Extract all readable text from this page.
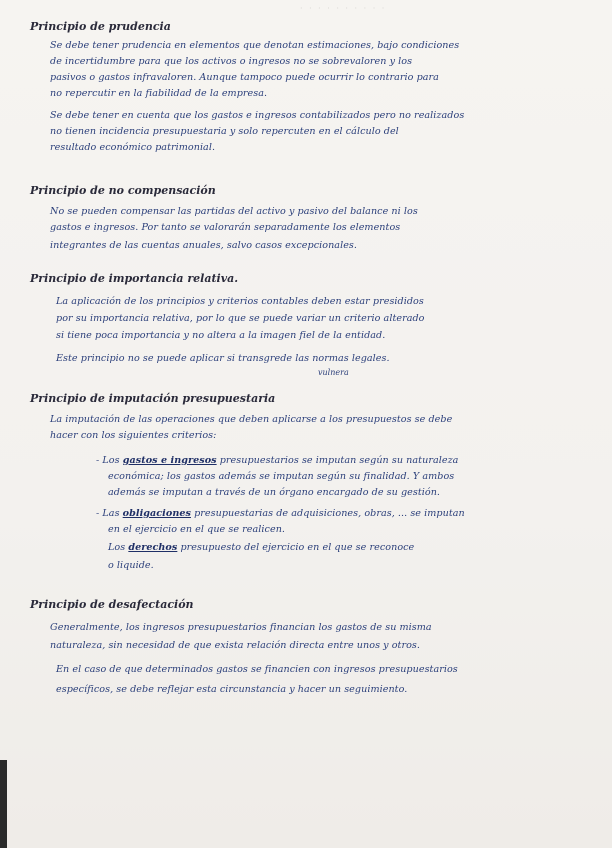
· · · · · · · · · ·
Principio de prudencia
Se debe tener prudencia en elementos que denotan estimaciones, bajo condiciones
de incertidumbre para que los activos o ingresos no se sobrevaloren y los
pasivos o gastos infravaloren. Aunque tampoco puede ocurrir lo contrario para
no repercutir en la fiabilidad de la empresa.
Se debe tener en cuenta que los gastos e ingresos contabilizados pero no realizados
no tienen incidencia presupuestaria y solo repercuten en el cálculo del
resultado económico patrimonial.
Principio de no compensación
No se pueden compensar las partidas del activo y pasivo del balance ni los
gastos e ingresos. Por tanto se valorarán separadamente los elementos
integrantes de las cuentas anuales, salvo casos excepcionales.
Principio de importancia relativa.
La aplicación de los principios y criterios contables deben estar presididos
por su importancia relativa, por lo que se puede variar un criterio alterado
si tiene poca importancia y no altera a la imagen fiel de la entidad.
Este principio no se puede aplicar si transgrede las normas legales.
vulnera
Principio de imputación presupuestaria
La imputación de las operaciones que deben aplicarse a los presupuestos se debe
hacer con los siguientes criterios:
- Los gastos e ingresos presupuestarios se imputan según su naturaleza
económica; los gastos además se imputan según su finalidad. Y ambos
además se imputan a través de un órgano encargado de su gestión.
- Las obligaciones presupuestarias de adquisiciones, obras, ... se imputan
en el ejercicio en el que se realicen.
Los derechos presupuesto del ejercicio en el que se reconoce
o liquide.
Principio de desafectación
Generalmente, los ingresos presupuestarios financian los gastos de su misma
naturaleza, sin necesidad de que exista relación directa entre unos y otros.
En el caso de que determinados gastos se financien con ingresos presupuestarios
específicos, se debe reflejar esta circunstancia y hacer un seguimiento.
